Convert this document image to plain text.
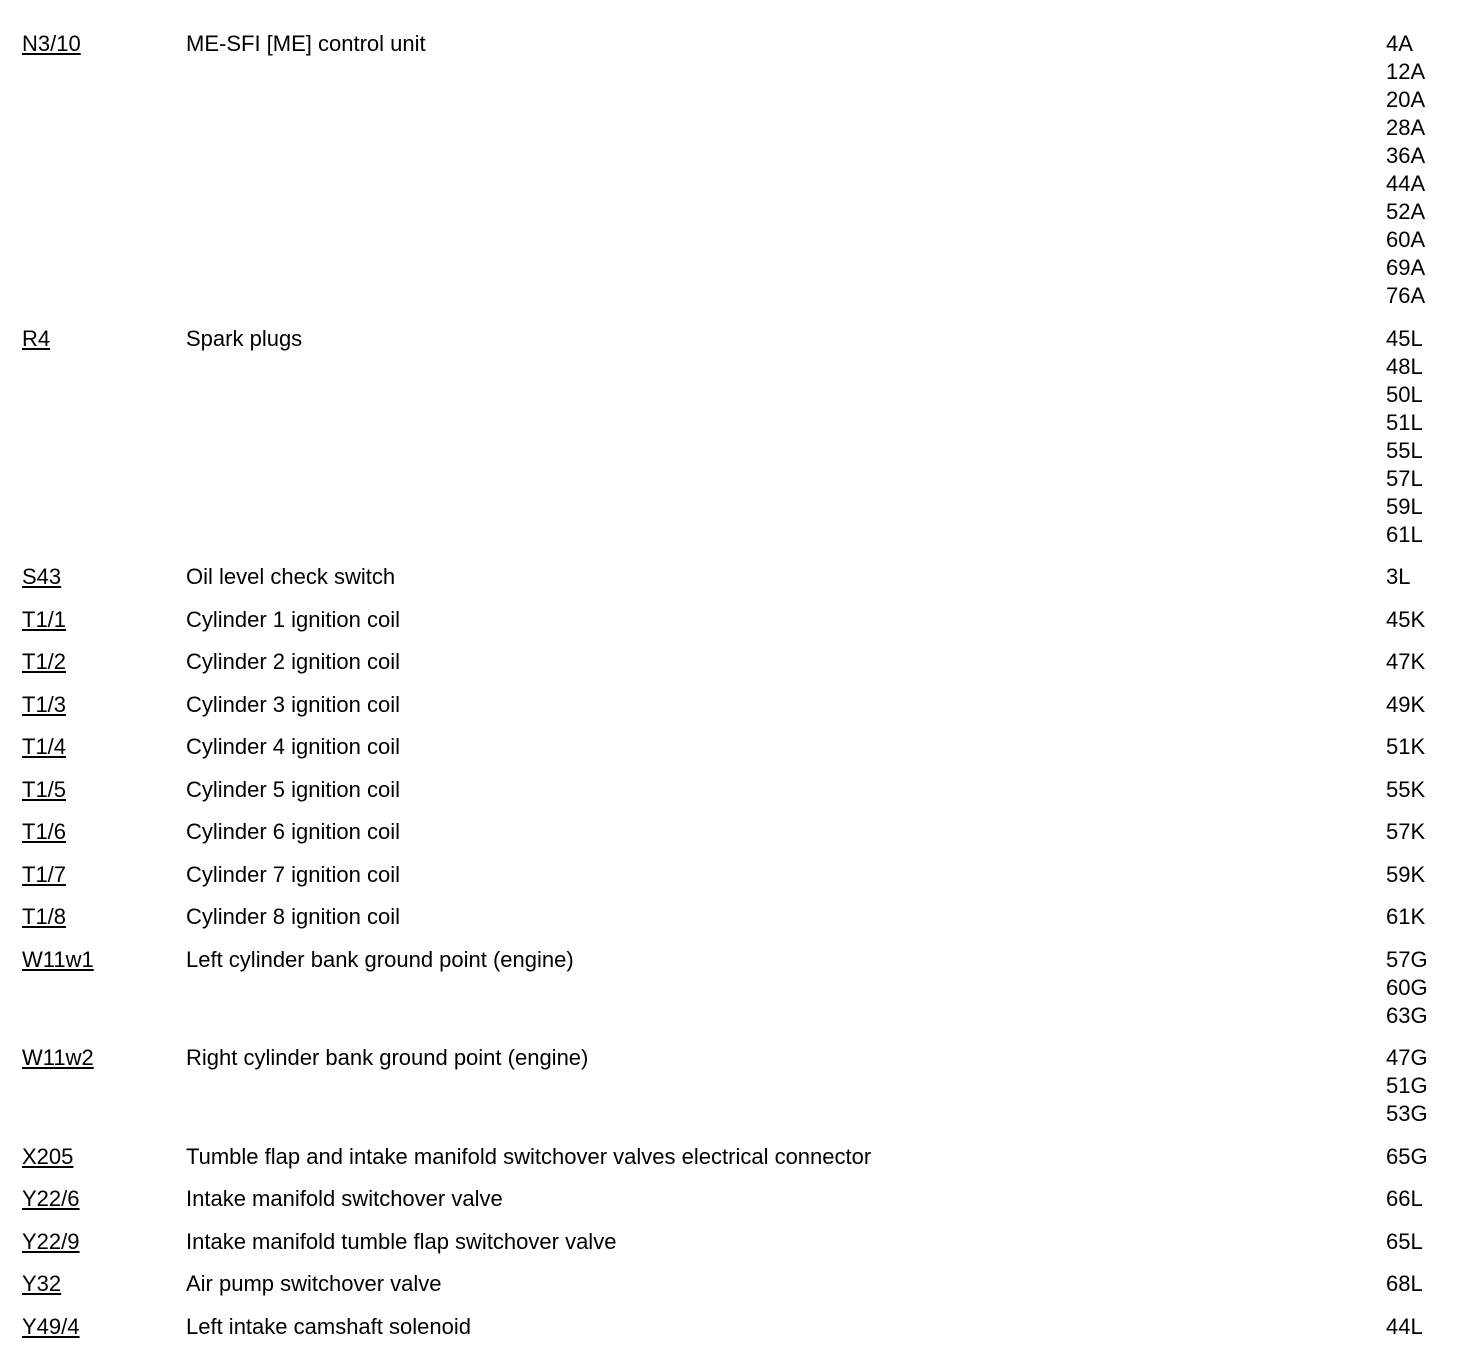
N3/10	ME-SFI [ME] control unit	4A
12A
20A
28A
36A
44A
52A
60A
69A
76A
R4	Spark plugs	45L
48L
50L
51L
55L
57L
59L
61L
S43	Oil level check switch	3L
T1/1	Cylinder 1 ignition coil	45K
T1/2	Cylinder 2 ignition coil	47K
T1/3	Cylinder 3 ignition coil	49K
T1/4	Cylinder 4 ignition coil	51K
T1/5	Cylinder 5 ignition coil	55K
T1/6	Cylinder 6 ignition coil	57K
T1/7	Cylinder 7 ignition coil	59K
T1/8	Cylinder 8 ignition coil	61K
W11w1	Left cylinder bank ground point (engine)	57G
60G
63G
W11w2	Right cylinder bank ground point (engine)	47G
51G
53G
X205	Tumble flap and intake manifold switchover valves electrical connector	65G
Y22/6	Intake manifold switchover valve	66L
Y22/9	Intake manifold tumble flap switchover valve	65L
Y32	Air pump switchover valve	68L
Y49/4	Left intake camshaft solenoid	44L
